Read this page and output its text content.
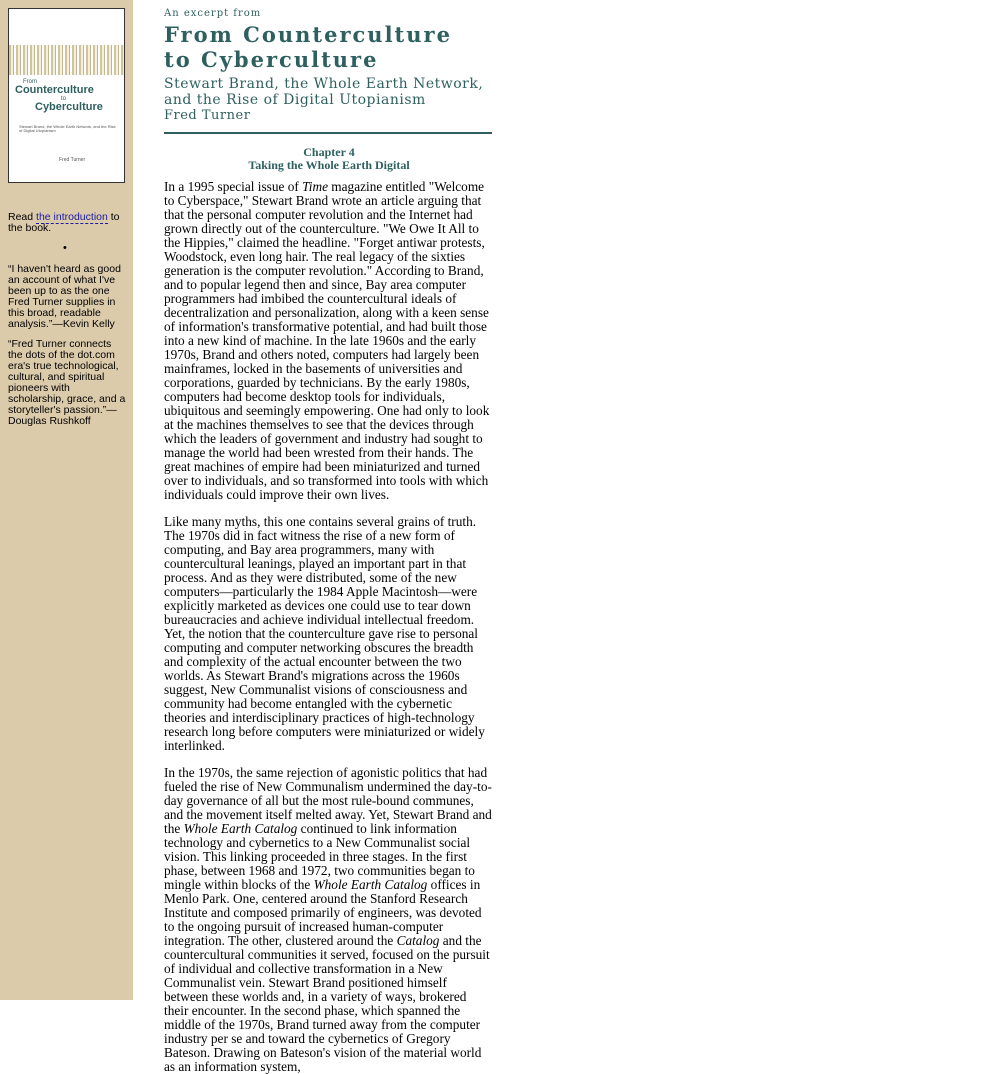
From
Counterculture
to
Cyberculture
Stewart Brand, the Whole Earth Network, and the Rise of Digital Utopianism
Fred Turner
Read the introduction to the book.
•
“I haven't heard as good an account of what I've been up to as the one Fred Turner supplies in this broad, readable analysis.”—Kevin Kelly
“Fred Turner connects the dots of the dot.com era's true technological, cultural, and spiritual pioneers with scholarship, grace, and a storyteller's passion.”—Douglas Rushkoff
An excerpt from
From Counterculture
to Cyberculture
Stewart Brand, the Whole Earth Network, and the Rise of Digital Utopianism
Fred Turner
Chapter 4
Taking the Whole Earth Digital
In a 1995 special issue of Time magazine entitled "Welcome to Cyberspace," Stewart Brand wrote an article arguing that that the personal computer revolution and the Internet had grown directly out of the counterculture. "We Owe It All to the Hippies," claimed the headline. "Forget antiwar protests, Woodstock, even long hair. The real legacy of the sixties generation is the computer revolution." According to Brand, and to popular legend then and since, Bay area computer programmers had imbibed the countercultural ideals of decentralization and personalization, along with a keen sense of information's transformative potential, and had built those into a new kind of machine. In the late 1960s and the early 1970s, Brand and others noted, computers had largely been mainframes, locked in the basements of universities and corporations, guarded by technicians. By the early 1980s, computers had become desktop tools for individuals, ubiquitous and seemingly empowering. One had only to look at the machines themselves to see that the devices through which the leaders of government and industry had sought to manage the world had been wrested from their hands. The great machines of empire had been miniaturized and turned over to individuals, and so transformed into tools with which individuals could improve their own lives.
Like many myths, this one contains several grains of truth. The 1970s did in fact witness the rise of a new form of computing, and Bay area programmers, many with countercultural leanings, played an important part in that process. And as they were distributed, some of the new computers—particularly the 1984 Apple Macintosh—were explicitly marketed as devices one could use to tear down bureaucracies and achieve individual intellectual freedom. Yet, the notion that the counterculture gave rise to personal computing and computer networking obscures the breadth and complexity of the actual encounter between the two worlds. As Stewart Brand's migrations across the 1960s suggest, New Communalist visions of consciousness and community had become entangled with the cybernetic theories and interdisciplinary practices of high-technology research long before computers were miniaturized or widely interlinked.
In the 1970s, the same rejection of agonistic politics that had fueled the rise of New Communalism undermined the day-to-day governance of all but the most rule-bound communes, and the movement itself melted away. Yet, Stewart Brand and the Whole Earth Catalog continued to link information technology and cybernetics to a New Communalist social vision. This linking proceeded in three stages. In the first phase, between 1968 and 1972, two communities began to mingle within blocks of the Whole Earth Catalog offices in Menlo Park. One, centered around the Stanford Research Institute and composed primarily of engineers, was devoted to the ongoing pursuit of increased human-computer integration. The other, clustered around the Catalog and the countercultural communities it served, focused on the pursuit of individual and collective transformation in a New Communalist vein. Stewart Brand positioned himself between these worlds and, in a variety of ways, brokered their encounter. In the second phase, which spanned the middle of the 1970s, Brand turned away from the computer industry per se and toward the cybernetics of Gregory Bateson. Drawing on Bateson's vision of the material world as an information system,
